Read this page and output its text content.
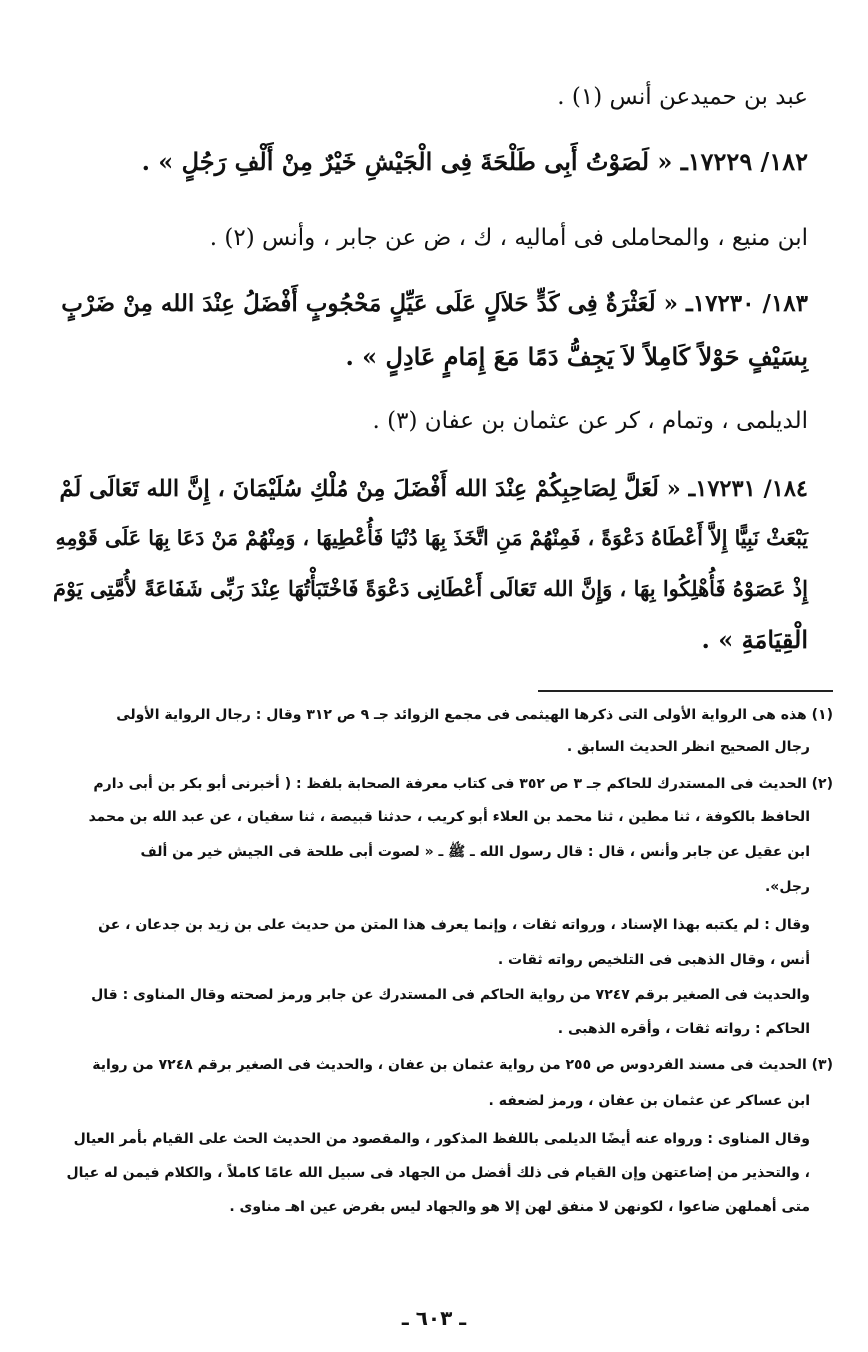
عبد بن حميدعن أنس (١) .
١٨٢/ ١٧٢٢٩ـ « لَصَوْتُ أَبِى طَلْحَةَ فِى الْجَيْشِ خَيْرٌ مِنْ أَلْفِ رَجُلٍ » .
ابن منيع ، والمحاملى فى أماليه ، ك ، ض عن جابر ، وأنس (٢) .
١٨٣/ ١٧٢٣٠ـ « لَعَثْرَةٌ فِى كَدٍّ حَلاَلٍ عَلَى عَيِّلٍ مَحْجُوبٍ أَفْضَلُ عِنْدَ الله مِنْ ضَرْبٍ
بِسَيْفٍ حَوْلاً كَامِلاً لاَ يَجِفُّ دَمًا مَعَ إِمَامٍ عَادِلٍ » .
الديلمى ، وتمام ، كر عن عثمان بن عفان (٣) .
١٨٤/ ١٧٢٣١ـ « لَعَلَّ لِصَاحِبِكُمْ عِنْدَ الله أَفْضَلَ مِنْ مُلْكِ سُلَيْمَانَ ، إِنَّ الله تَعَالَى لَمْ
يَبْعَثْ نَبِيًّا إِلاَّ أَعْطَاهُ دَعْوَةً ، فَمِنْهُمْ مَنِ اتَّخَذَ بِهَا دُنْيَا فَأُعْطِيهَا ، وَمِنْهُمْ مَنْ دَعَا بِهَا عَلَى قَوْمِهِ
إِذْ عَصَوْهُ فَأُهْلِكُوا بِهَا ، وَإِنَّ الله تَعَالَى أَعْطَانِى دَعْوَةً فَاخْتَبَأْتُهَا عِنْدَ رَبِّى شَفَاعَةً لأُمَّتِى يَوْمَ
الْقِيَامَةِ » .
(١) هذه هى الرواية الأولى التى ذكرها الهيثمى فى مجمع الزوائد جـ ٩ ص ٣١٢ وقال : رجال الرواية الأولى
رجال الصحيح انظر الحديث السابق .
(٢) الحديث فى المستدرك للحاكم جـ ٣ ص ٣٥٢ فى كتاب معرفة الصحابة بلفظ : ( أخبرنى أبو بكر بن أبى دارم
الحافظ بالكوفة ، ثنا مطين ، ثنا محمد بن العلاء أبو كريب ، حدثنا قبيصة ، ثنا سفيان ، عن عبد الله بن محمد
ابن عقيل عن جابر وأنس ، قال : قال رسول الله ـ ﷺ ـ « لصوت أبى طلحة فى الجيش خير من ألف
رجل».
وقال : لم يكتبه بهذا الإسناد ، ورواته ثقات ، وإنما يعرف هذا المتن من حديث على بن زيد بن جدعان ، عن
أنس ، وقال الذهبى فى التلخيص رواته ثقات .
والحديث فى الصغير برقم ٧٢٤٧ من رواية الحاكم فى المستدرك عن جابر ورمز لصحته وقال المناوى : قال
الحاكم : رواته ثقات ، وأقره الذهبى .
(٣) الحديث فى مسند الفردوس ص ٢٥٥ من رواية عثمان بن عفان ، والحديث فى الصغير برقم ٧٢٤٨ من رواية
ابن عساكر عن عثمان بن عفان ، ورمز لضعفه .
وقال المناوى : ورواه عنه أيضًا الديلمى باللفظ المذكور ، والمقصود من الحديث الحث على القيام بأمر العيال
، والتحذير من إضاعتهن وإن القيام فى ذلك أفضل من الجهاد فى سبيل الله عامًا كاملاً ، والكلام فيمن له عيال
متى أهملهن ضاعوا ، لكونهن لا منفق لهن إلا هو والجهاد ليس بفرض عين اهـ مناوى .
ـ ٦٠٣ ـ
